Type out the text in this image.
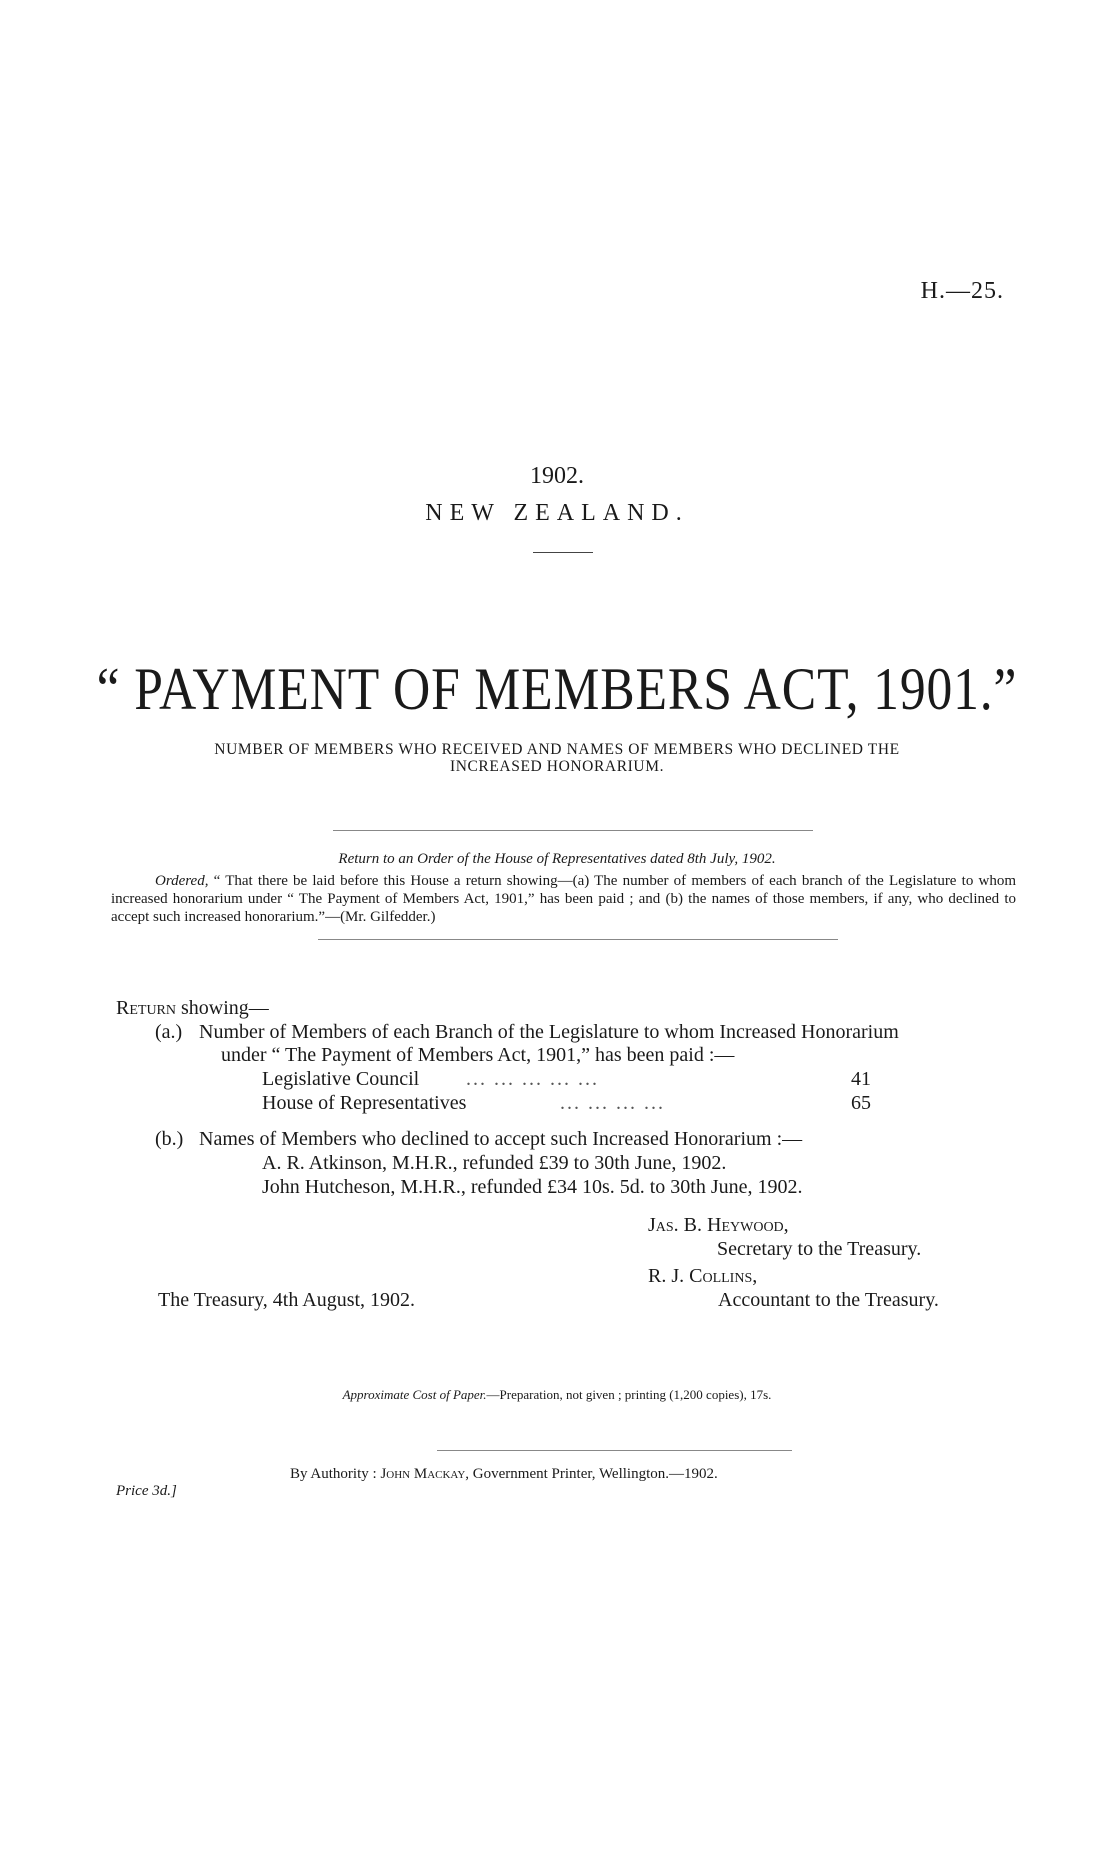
H.—25.
1902.
NEW ZEALAND.
“ PAYMENT OF MEMBERS ACT, 1901.”
NUMBER OF MEMBERS WHO RECEIVED AND NAMES OF MEMBERS WHO DECLINED THE
INCREASED HONORARIUM.
Return to an Order of the House of Representatives dated 8th July, 1902.
Ordered, “ That there be laid before this House a return showing—(a) The number of members of each branch of the Legislature to whom increased honorarium under “ The Payment of Members Act, 1901,” has been paid ; and (b) the names of those members, if any, who declined to accept such increased honorarium.”—(Mr. Gilfedder.)
Return showing—
(a.) Number of Members of each Branch of the Legislature to whom Increased Honorarium
under “ The Payment of Members Act, 1901,” has been paid :—
Legislative Council ... ... ... ... ...	41
House of Representatives	... ... ... ...	65
(b.) Names of Members who declined to accept such Increased Honorarium :—
A. R. Atkinson, M.H.R., refunded £39 to 30th June, 1902.
John Hutcheson, M.H.R., refunded £34 10s. 5d. to 30th June, 1902.
Jas. B. Heywood,
Secretary to the Treasury.
R. J. Collins,
Accountant to the Treasury.
The Treasury, 4th August, 1902.
Approximate Cost of Paper.—Preparation, not given ; printing (1,200 copies), 17s.
By Authority : John Mackay, Government Printer, Wellington.—1902.
Price 3d.]
